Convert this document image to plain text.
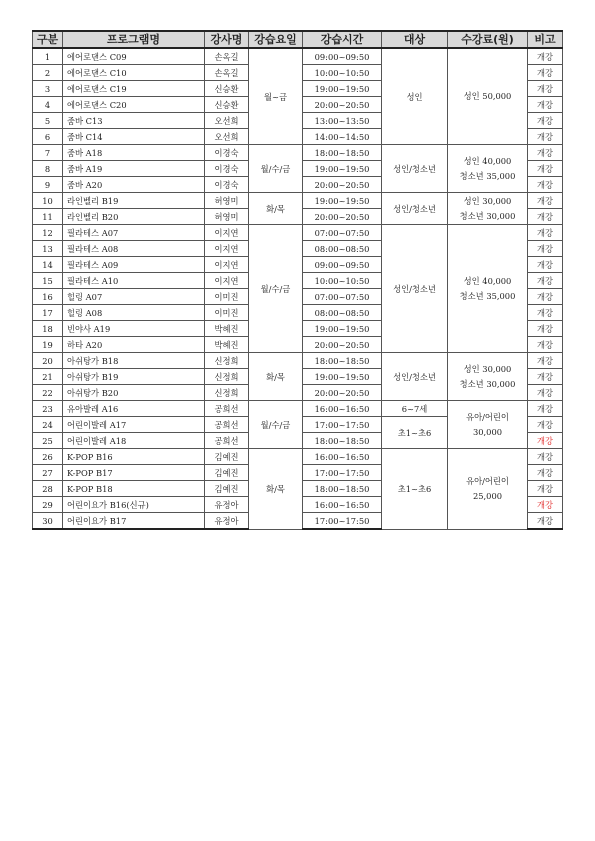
구분	프로그램명	강사명	강습요일	강습시간	대상	수강료(원)	비고
1	에어로댄스 C09	손옥길	월~금	09:00~09:50	성인	성인 50,000	개강
2	에어로댄스 C10	손옥길		10:00~10:50			개강
3	에어로댄스 C19	신승환		19:00~19:50			개강
4	에어로댄스 C20	신승환		20:00~20:50			개강
5	줌바 C13	오선희		13:00~13:50			개강
6	줌바 C14	오선희		14:00~14:50			개강
7	줌바 A18	이경숙	월/수/금	18:00~18:50	성인/청소년	성인 40,000
청소년 35,000	개강
8	줌바 A19	이경숙		19:00~19:50			개강
9	줌바 A20	이경숙		20:00~20:50			개강
10	라인벨리 B19	허영미	화/목	19:00~19:50	성인/청소년	성인 30,000
청소년 30,000	개강
11	라인벨리 B20	허영미		20:00~20:50			개강
12	필라테스 A07	이지연	월/수/금	07:00~07:50	성인/청소년	성인 40,000
청소년 35,000	개강
13	필라테스 A08	이지연		08:00~08:50			개강
14	필라테스 A09	이지연		09:00~09:50			개강
15	필라테스 A10	이지연		10:00~10:50			개강
16	힐링 A07	이미진		07:00~07:50			개강
17	힐링 A08	이미진		08:00~08:50			개강
18	빈야사 A19	박혜진		19:00~19:50			개강
19	하타 A20	박혜진		20:00~20:50			개강
20	아쉬탕가 B18	신정희	화/목	18:00~18:50	성인/청소년	성인 30,000
청소년 30,000	개강
21	아쉬탕가 B19	신정희		19:00~19:50			개강
22	아쉬탕가 B20	신정희		20:00~20:50			개강
23	유아발레 A16	공희선	월/수/금	16:00~16:50	6~7세	유아/어린이
30,000	개강
24	어린이발레 A17	공희선		17:00~17:50	초1~초6		개강
25	어린이발레 A18	공희선		18:00~18:50			개강
26	K-POP B16	김예진	화/목	16:00~16:50	초1~초6	유아/어린이
25,000	개강
27	K-POP B17	김예진		17:00~17:50			개강
28	K-POP B18	김예진		18:00~18:50			개강
29	어린이요가 B16(신규)	유정아		16:00~16:50			개강
30	어린이요가 B17	유정아		17:00~17:50			개강
